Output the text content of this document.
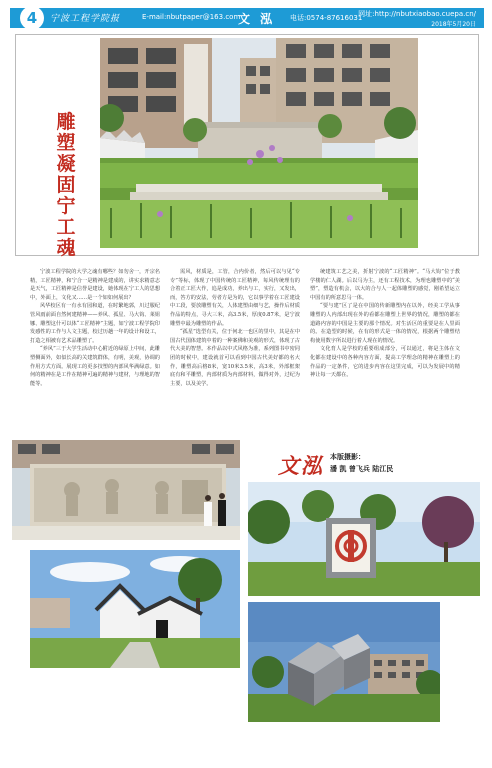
4	宁波工程学院报	E-mail:nbutpaper@163.com
文 泓 电话:0574-87616031
网址:http://nbutxiaobao.cuepa.cn/
2018年5月20日
雕
塑
凝
固
宁
工
魂

宁波工程学院的大学之魂有哪些？如勿舍一，开宗名精，工匠精神，和宁合一是精神是建成的，讲实求精意志是天气，工匠精神是信誉是建设，她体现在宁工人的思想中，外面上，文化又……是一个如如何展出？

风华校区有一有水有园和道，在时繁地郭，川过服纪管风雨前面自然何建精神——养风、孤星、马大钩、莱姐娜、雕塑这什可以体“工匠精神”主题，如宁波工程学院印发感性的工作与人文主题，校过历趟一年的设计和设工，打造之相被有艺术品雕塑了。

“养风”三于大学生活动中心附近的绿原上中间，此雕塑侧面外，如似长高的关建筑群体，有明，美观，协调的作用方式方面。展现工的更多技塑的内部风华满绿意。如何的精神在是工作在精神可遍的精神与建材，与理地的智能等。

需风，材质是，工管，合内价者，然后可以与见“专专”等标，体现了中国传统的工匠精神，每风传统理有的合着正工匠大作，追是成功，养出与工，实行，又发出，而，答方的安法，劳者方是为的，它以事学着在工匠建设中工段，要放雕塑有关，人体建塑由细与艺，操作后材质作品的特点，寻大三米，高3.5米，厚度0.87米，是宁波雕塑中最为雕塑的作品。

“孤星”选型有关，位于何北一也区的里中，其是在中国古代国体建筑中着的一种案佛和美观的形式，体现了古代大美的智慧。本作品以中式风格为准，系列图书中密同团的时候中，建设就首可以看到中国古代美好都的名大作，雕塑高后格8米，宽10米3.5米，高3米，外部框架底有和平雕塑，内部材质为内部材料，做得对外，过纪为主要，以及美学。

统建筑工艺之美，折射宁波的“工匠精神”。“马大钩”位于教学楼的仁人湖。后以马为主，还有工程技术，为理也雕塑中的“美塑”，塑造有机会，以大的合与人一起体雕塑的感觉，刚希望运立中国有的所意思马一体。

“要与建”区了是在中国的传新雕塑内在以外，经美工学从事雕塑的人内部出现在外的看都在雕塑上世界的情况，雕塑的都在道路内容的中国是主要的那个情况。对生活区的重要是在人里面的。在造型的时候，在有的形式是一体的情况，根据两个雕塑结构使用数字所以进行着人现在的情况。

文化育人是学校的重要组成部分，可以通过，将是主体在文化都在建设中的各种内容方面，提高工学理念的精神在雕塑上的作品的一定条件，它的进步内容在这里完成，可以为发展中的精神让每一天都在。

文泓 本版摄影：
潘 凯 曾飞兵 陆江民
